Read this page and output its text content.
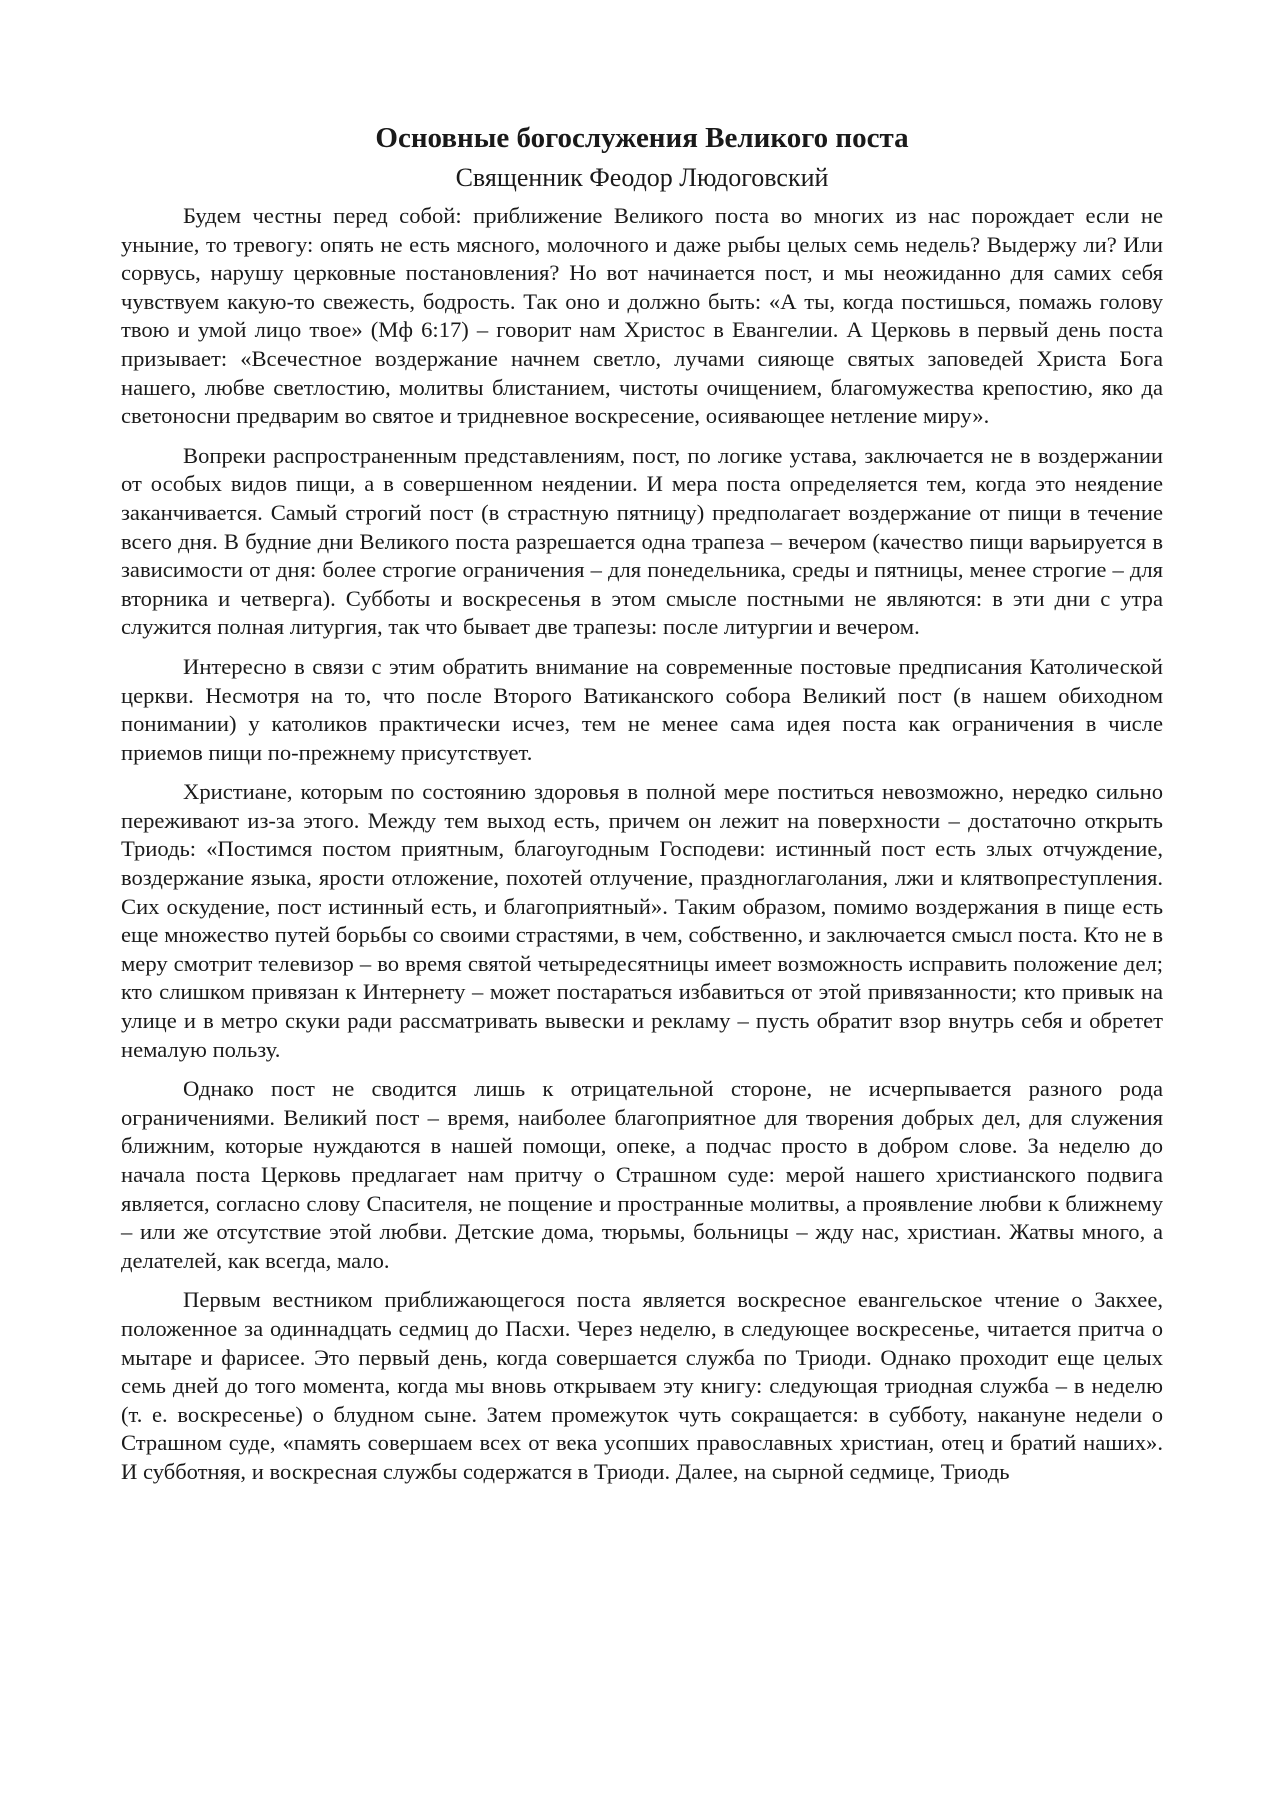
Основные богослужения Великого поста
Священник Феодор Людоговский

Будем честны перед собой: приближение Великого поста во многих из нас порождает если не уныние, то тревогу: опять не есть мясного, молочного и даже рыбы целых семь недель? Выдержу ли? Или сорвусь, нарушу церковные постановления? Но вот начинается пост, и мы неожиданно для самих себя чувствуем какую-то свежесть, бодрость. Так оно и должно быть: «А ты, когда постишься, помажь голову твою и умой лицо твое» (Мф 6:17) – говорит нам Христос в Евангелии. А Церковь в первый день поста призывает: «Всечестное воздержание начнем светло, лучами сияюще святых заповедей Христа Бога нашего, любве светлостию, молитвы блистанием, чистоты очищением, благомужества крепостию, яко да светоносни предварим во святое и тридневное воскресение, осиявающее нетление миру».

Вопреки распространенным представлениям, пост, по логике устава, заключается не в воздержании от особых видов пищи, а в совершенном неядении. И мера поста определяется тем, когда это неядение заканчивается. Самый строгий пост (в страстную пятницу) предполагает воздержание от пищи в течение всего дня. В будние дни Великого поста разрешается одна трапеза – вечером (качество пищи варьируется в зависимости от дня: более строгие ограничения – для понедельника, среды и пятницы, менее строгие – для вторника и четверга). Субботы и воскресенья в этом смысле постными не являются: в эти дни с утра служится полная литургия, так что бывает две трапезы: после литургии и вечером.

Интересно в связи с этим обратить внимание на современные постовые предписания Католической церкви. Несмотря на то, что после Второго Ватиканского собора Великий пост (в нашем обиходном понимании) у католиков практически исчез, тем не менее сама идея поста как ограничения в числе приемов пищи по-прежнему присутствует.

Христиане, которым по состоянию здоровья в полной мере поститься невозможно, нередко сильно переживают из-за этого. Между тем выход есть, причем он лежит на поверхности – достаточно открыть Триодь: «Постимся постом приятным, благоугодным Господеви: истинный пост есть злых отчуждение, воздержание языка, ярости отложение, похотей отлучение, празднoглаголания, лжи и клятвопреступления. Сих оскудение, пост истинный есть, и благоприятный». Таким образом, помимо воздержания в пище есть еще множество путей борьбы со своими страстями, в чем, собственно, и заключается смысл поста. Кто не в меру смотрит телевизор – во время святой четыредесятницы имеет возможность исправить положение дел; кто слишком привязан к Интернету – может постараться избавиться от этой привязанности; кто привык на улице и в метро скуки ради рассматривать вывески и рекламу – пусть обратит взор внутрь себя и обретет немалую пользу.

Однако пост не сводится лишь к отрицательной стороне, не исчерпывается разного рода ограничениями. Великий пост – время, наиболее благоприятное для творения добрых дел, для служения ближним, которые нуждаются в нашей помощи, опеке, а подчас просто в добром слове. За неделю до начала поста Церковь предлагает нам притчу о Страшном суде: мерой нашего христианского подвига является, согласно слову Спасителя, не пощение и пространные молитвы, а проявление любви к ближнему – или же отсутствие этой любви. Детские дома, тюрьмы, больницы – жду нас, христиан. Жатвы много, а делателей, как всегда, мало.

Первым вестником приближающегося поста является воскресное евангельское чтение о Закхее, положенное за одиннадцать седмиц до Пасхи. Через неделю, в следующее воскресенье, читается притча о мытаре и фарисее. Это первый день, когда совершается служба по Триоди. Однако проходит еще целых семь дней до того момента, когда мы вновь открываем эту книгу: следующая триодная служба – в неделю (т. е. воскресенье) о блудном сыне. Затем промежуток чуть сокращается: в субботу, накануне недели о Страшном суде, «память совершаем всех от века усопших православных христиан, отец и братий наших». И субботняя, и воскресная службы содержатся в Триоди. Далее, на сырной седмице, Триодь
